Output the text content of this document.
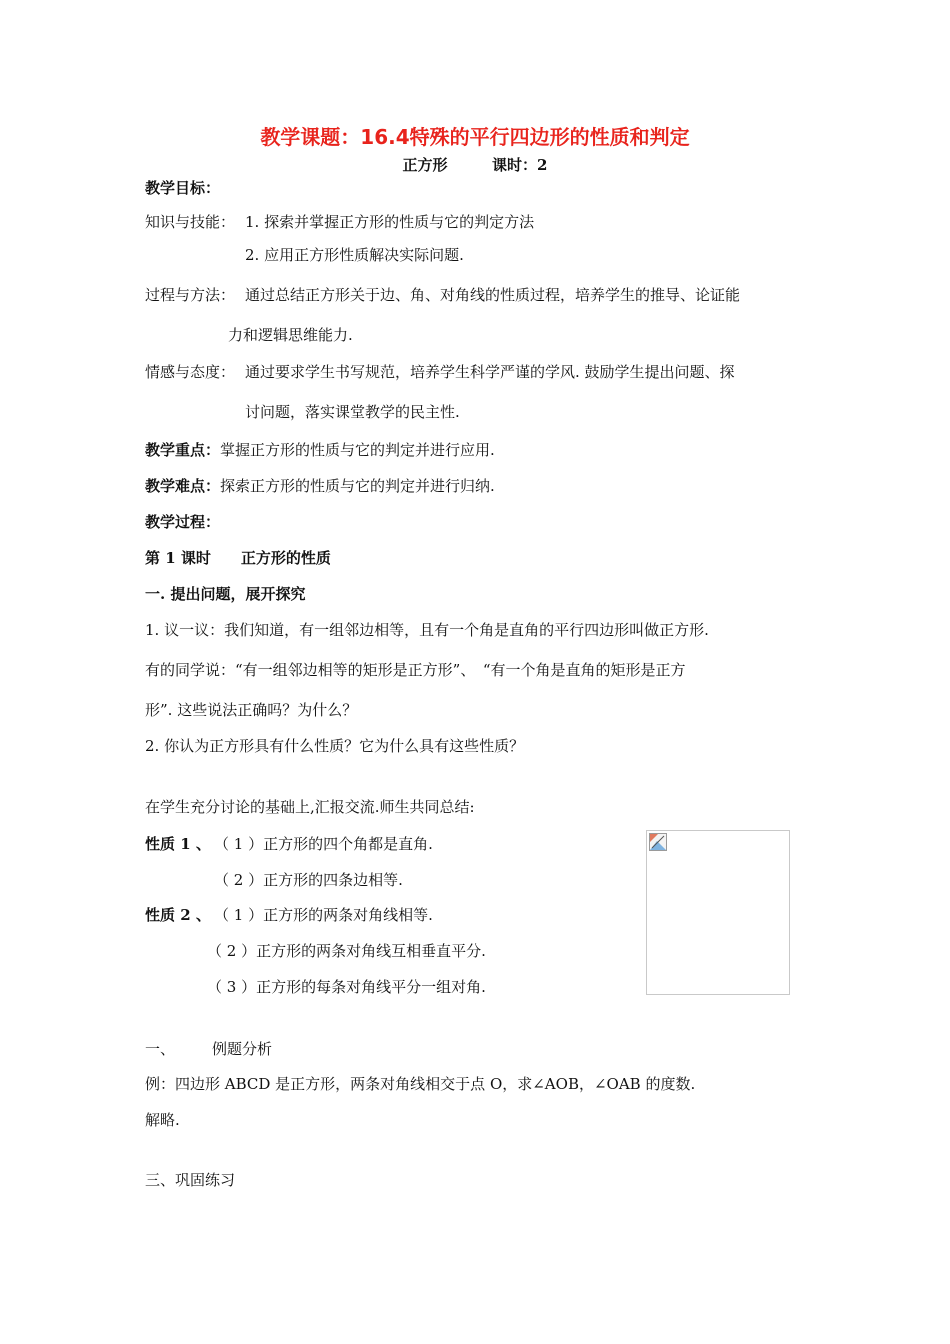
教学课题：16.4特殊的平行四边形的性质和判定
正方形	课时：2
教学目标：
知识与技能： 1. 探索并掌握正方形的性质与它的判定方法
2. 应用正方形性质解决实际问题.
过程与方法： 通过总结正方形关于边、角、对角线的性质过程，培养学生的推导、论证能
力和逻辑思维能力.
情感与态度： 通过要求学生书写规范，培养学生科学严谨的学风. 鼓励学生提出问题、探
讨问题，落实课堂教学的民主性.
教学重点：掌握正方形的性质与它的判定并进行应用.
教学难点：探索正方形的性质与它的判定并进行归纳.
教学过程：
第 1 课时　　正方形的性质
一. 提出问题，展开探究
1. 议一议：我们知道，有一组邻边相等，且有一个角是直角的平行四边形叫做正方形.
有的同学说：“有一组邻边相等的矩形是正方形”、　“有一个角是直角的矩形是正方
形”. 这些说法正确吗？为什么？
2. 你认为正方形具有什么性质？它为什么具有这些性质？
在学生充分讨论的基础上,汇报交流.师生共同总结:
性质 1 、 （ 1 ）正方形的四个角都是直角.
（ 2 ）正方形的四条边相等.
性质 2 、 （ 1 ）正方形的两条对角线相等.
（ 2 ）正方形的两条对角线互相垂直平分.
（ 3 ）正方形的每条对角线平分一组对角.
一、 例题分析
例：四边形 ABCD 是正方形，两条对角线相交于点 O，求∠AOB，∠OAB 的度数.
解略.
三、巩固练习
